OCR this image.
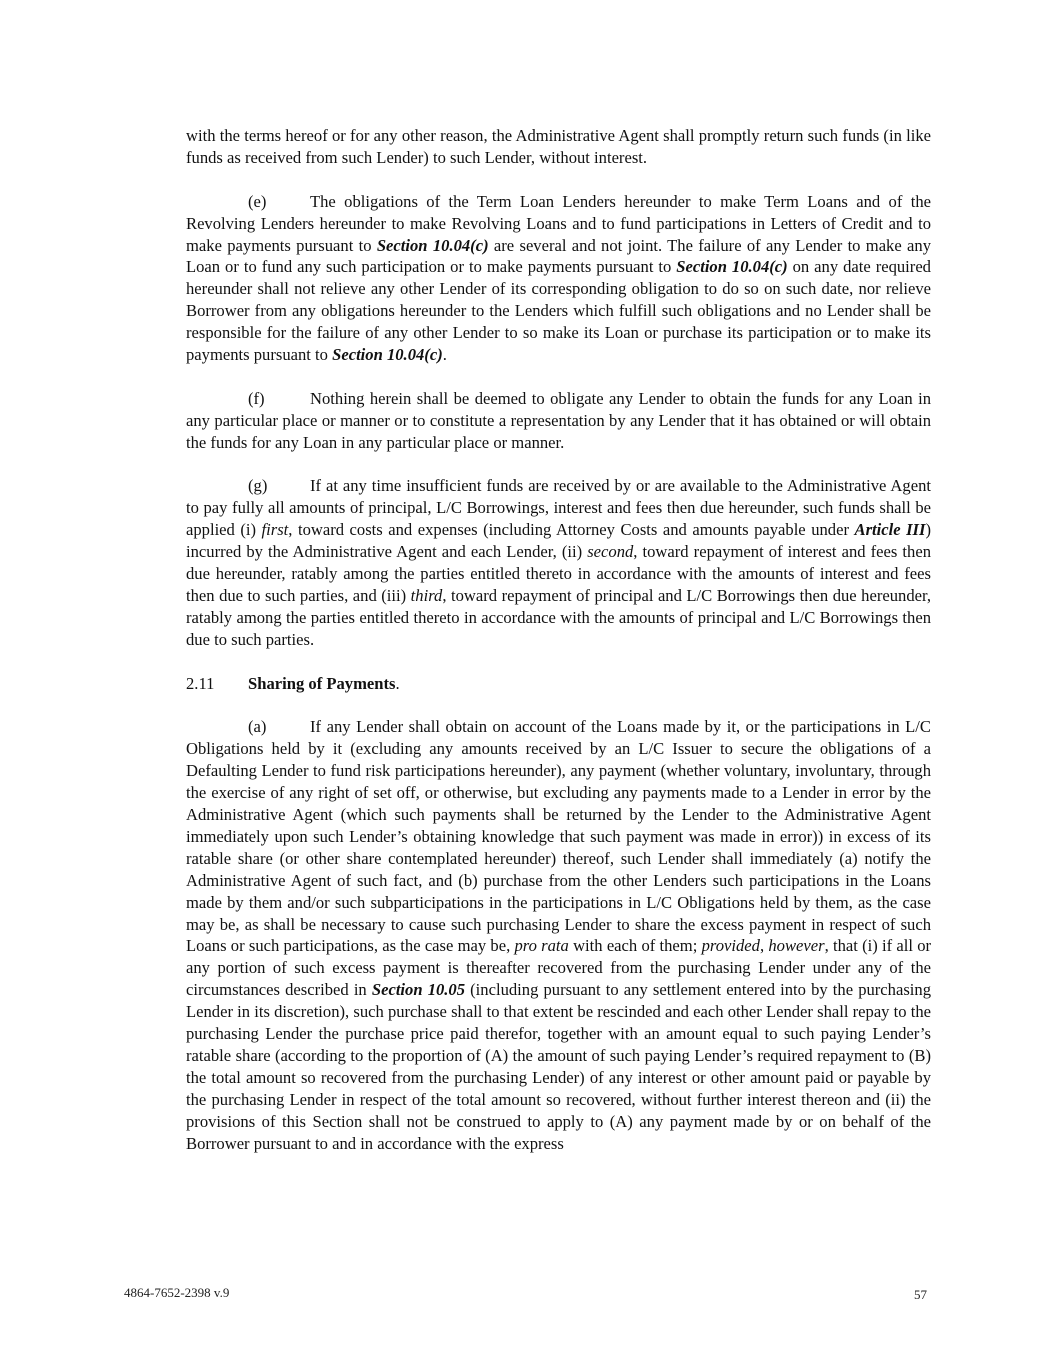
with the terms hereof or for any other reason, the Administrative Agent shall promptly return such funds (in like funds as received from such Lender) to such Lender, without interest.

(e)	The obligations of the Term Loan Lenders hereunder to make Term Loans and of the Revolving Lenders hereunder to make Revolving Loans and to fund participations in Letters of Credit and to make payments pursuant to Section 10.04(c) are several and not joint. The failure of any Lender to make any Loan or to fund any such participation or to make payments pursuant to Section 10.04(c) on any date required hereunder shall not relieve any other Lender of its corresponding obligation to do so on such date, nor relieve Borrower from any obligations hereunder to the Lenders which fulfill such obligations and no Lender shall be responsible for the failure of any other Lender to so make its Loan or purchase its participation or to make its payments pursuant to Section 10.04(c).

(f)	Nothing herein shall be deemed to obligate any Lender to obtain the funds for any Loan in any particular place or manner or to constitute a representation by any Lender that it has obtained or will obtain the funds for any Loan in any particular place or manner.

(g)	If at any time insufficient funds are received by or are available to the Administrative Agent to pay fully all amounts of principal, L/C Borrowings, interest and fees then due hereunder, such funds shall be applied (i) first, toward costs and expenses (including Attorney Costs and amounts payable under Article III) incurred by the Administrative Agent and each Lender, (ii) second, toward repayment of interest and fees then due hereunder, ratably among the parties entitled thereto in accordance with the amounts of interest and fees then due to such parties, and (iii) third, toward repayment of principal and L/C Borrowings then due hereunder, ratably among the parties entitled thereto in accordance with the amounts of principal and L/C Borrowings then due to such parties.

2.11 Sharing of Payments.

(a)	If any Lender shall obtain on account of the Loans made by it, or the participations in L/C Obligations held by it (excluding any amounts received by an L/C Issuer to secure the obligations of a Defaulting Lender to fund risk participations hereunder), any payment (whether voluntary, involuntary, through the exercise of any right of set off, or otherwise, but excluding any payments made to a Lender in error by the Administrative Agent (which such payments shall be returned by the Lender to the Administrative Agent immediately upon such Lender’s obtaining knowledge that such payment was made in error)) in excess of its ratable share (or other share contemplated hereunder) thereof, such Lender shall immediately (a) notify the Administrative Agent of such fact, and (b) purchase from the other Lenders such participations in the Loans made by them and/or such subparticipations in the participations in L/C Obligations held by them, as the case may be, as shall be necessary to cause such purchasing Lender to share the excess payment in respect of such Loans or such participations, as the case may be, pro rata with each of them; provided, however, that (i) if all or any portion of such excess payment is thereafter recovered from the purchasing Lender under any of the circumstances described in Section 10.05 (including pursuant to any settlement entered into by the purchasing Lender in its discretion), such purchase shall to that extent be rescinded and each other Lender shall repay to the purchasing Lender the purchase price paid therefor, together with an amount equal to such paying Lender’s ratable share (according to the proportion of (A) the amount of such paying Lender’s required repayment to (B) the total amount so recovered from the purchasing Lender) of any interest or other amount paid or payable by the purchasing Lender in respect of the total amount so recovered, without further interest thereon and (ii) the provisions of this Section shall not be construed to apply to (A) any payment made by or on behalf of the Borrower pursuant to and in accordance with the express

4864-7652-2398 v.9	57
